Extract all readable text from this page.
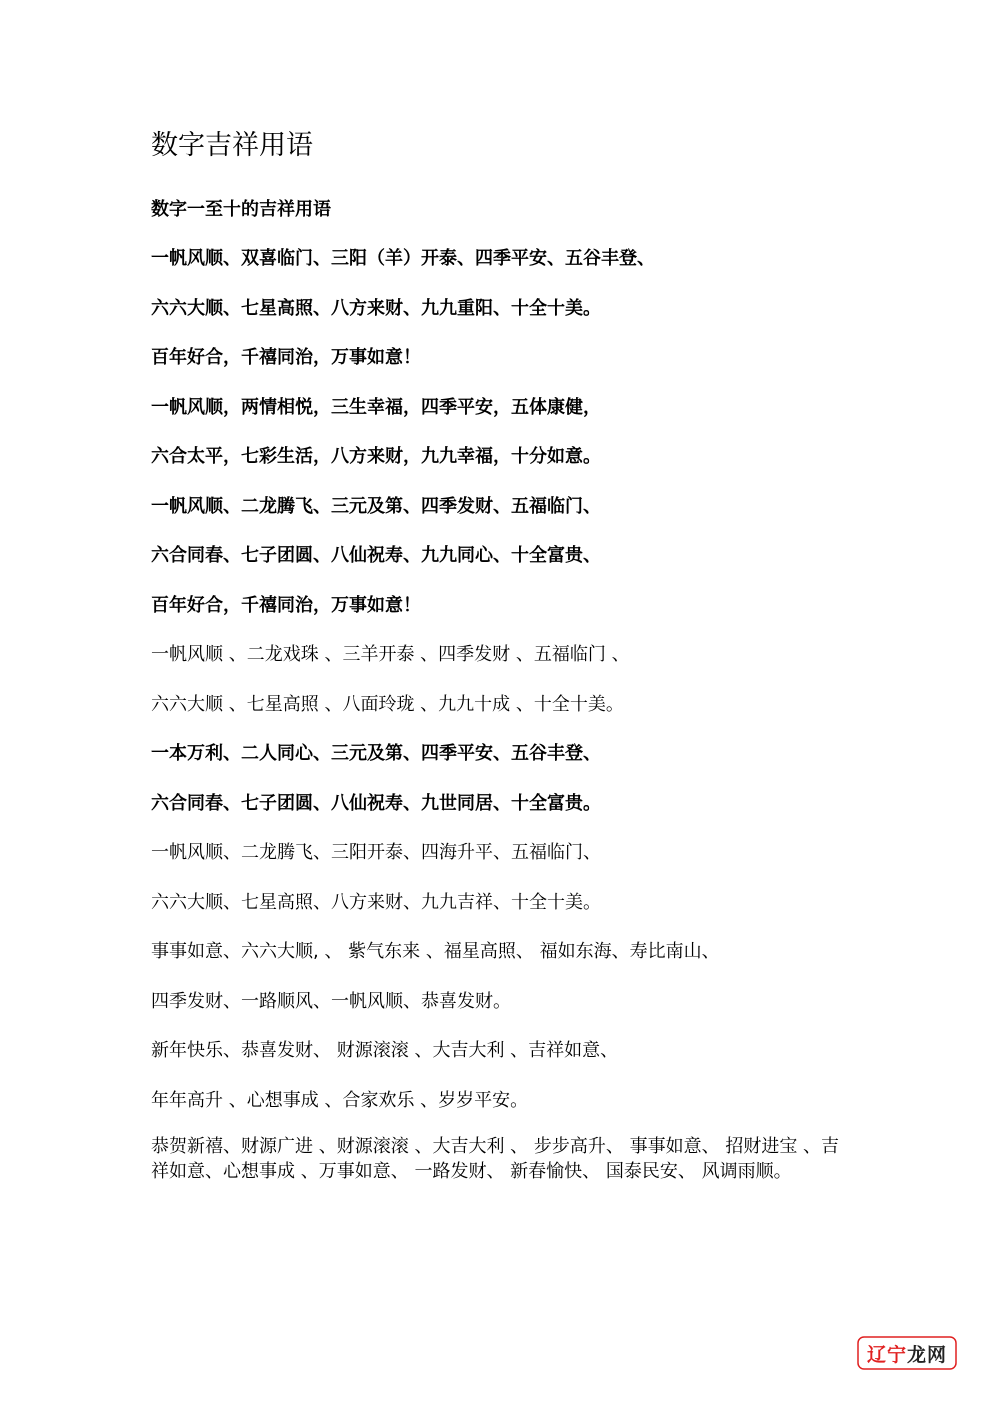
数字吉祥用语
数字一至十的吉祥用语
一帆风顺、双喜临门、三阳（羊）开泰、四季平安、五谷丰登、
六六大顺、七星高照、八方来财、九九重阳、十全十美。
百年好合，千禧同治，万事如意！
一帆风顺，两情相悦，三生幸福，四季平安，五体康健，
六合太平，七彩生活，八方来财，九九幸福，十分如意。
一帆风顺、二龙腾飞、三元及第、四季发财、五福临门、
六合同春、七子团圆、八仙祝寿、九九同心、十全富贵、
百年好合，千禧同治，万事如意！
一帆风顺 、二龙戏珠 、三羊开泰 、四季发财 、五福临门 、
六六大顺 、七星高照 、八面玲珑 、九九十成 、十全十美。
一本万利、二人同心、三元及第、四季平安、五谷丰登、
六合同春、七子团圆、八仙祝寿、九世同居、十全富贵。
一帆风顺、二龙腾飞、三阳开泰、四海升平、五福临门、
六六大顺、七星高照、八方来财、九九吉祥、十全十美。
事事如意、六六大顺, 、 紫气东来 、福星高照、 福如东海、寿比南山、
四季发财、一路顺风、一帆风顺、恭喜发财。
新年快乐、恭喜发财、 财源滚滚 、大吉大利 、吉祥如意、
年年高升 、心想事成 、合家欢乐 、岁岁平安。

恭贺新禧、财源广进 、财源滚滚 、大吉大利 、 步步高升、 事事如意、 招财进宝 、吉祥如意、心想事成 、万事如意、 一路发财、 新春愉快、 国泰民安、 风调雨顺。

辽宁 龙网
